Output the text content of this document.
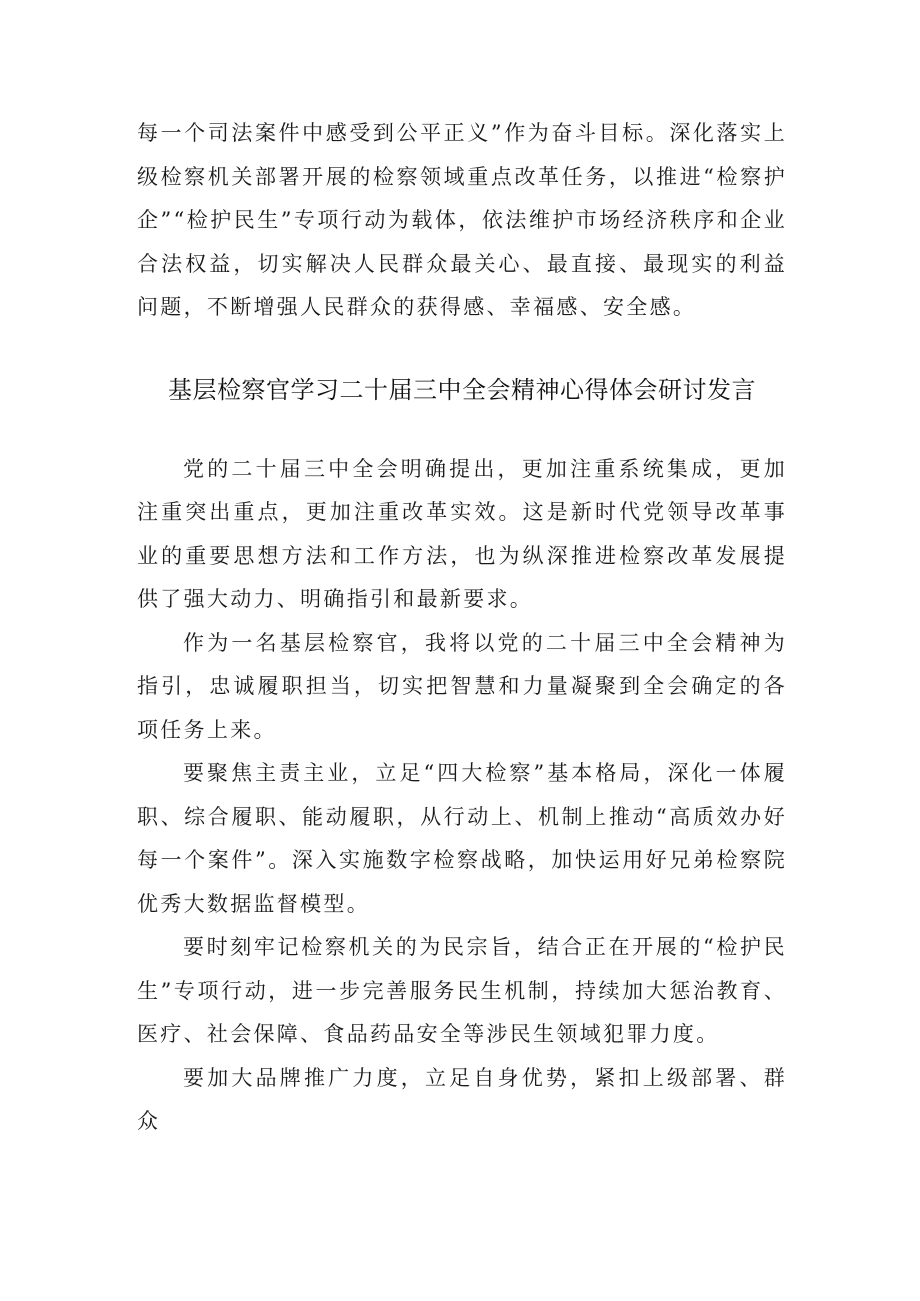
每一个司法案件中感受到公平正义”作为奋斗目标。深化落实上级检察机关部署开展的检察领域重点改革任务，以推进“检察护企”“检护民生”专项行动为载体，依法维护市场经济秩序和企业合法权益，切实解决人民群众最关心、最直接、最现实的利益问题，不断增强人民群众的获得感、幸福感、安全感。

基层检察官学习二十届三中全会精神心得体会研讨发言

党的二十届三中全会明确提出，更加注重系统集成，更加注重突出重点，更加注重改革实效。这是新时代党领导改革事业的重要思想方法和工作方法，也为纵深推进检察改革发展提供了强大动力、明确指引和最新要求。

作为一名基层检察官，我将以党的二十届三中全会精神为指引，忠诚履职担当，切实把智慧和力量凝聚到全会确定的各项任务上来。

要聚焦主责主业，立足“四大检察”基本格局，深化一体履职、综合履职、能动履职，从行动上、机制上推动“高质效办好每一个案件”。深入实施数字检察战略，加快运用好兄弟检察院优秀大数据监督模型。

要时刻牢记检察机关的为民宗旨，结合正在开展的“检护民生”专项行动，进一步完善服务民生机制，持续加大惩治教育、医疗、社会保障、食品药品安全等涉民生领域犯罪力度。

要加大品牌推广力度，立足自身优势，紧扣上级部署、群众
